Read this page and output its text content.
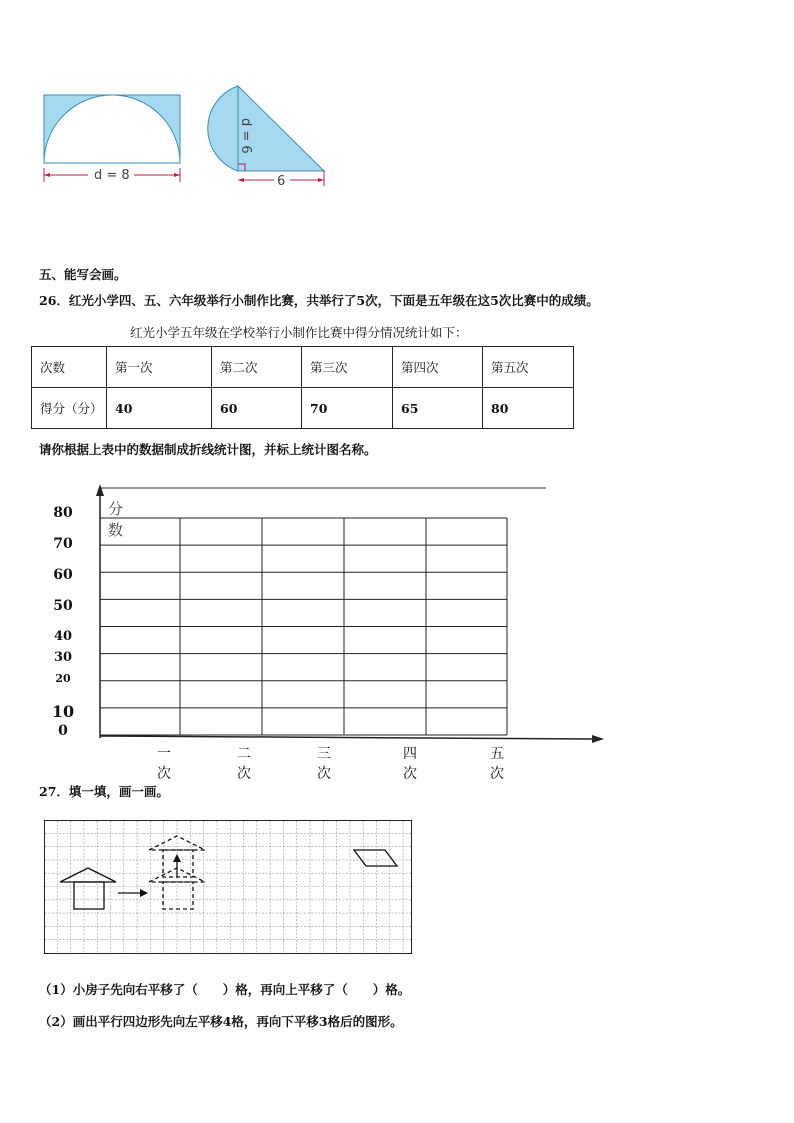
d = 8
d = 6
6
五、能写会画。
26．红光小学四、五、六年级举行小制作比赛，共举行了5次，下面是五年级在这5次比赛中的成绩。
红光小学五年级在学校举行小制作比赛中得分情况统计如下：
次数	第一次	第二次	第三次	第四次	第五次
得分（分）	40	60	70	65	80
请你根据上表中的数据制成折线统计图，并标上统计图名称。
分数
80
70
60
50
40
30
20
10
0
一次
二次
三次
四次
五次
27．填一填，画一画。
（1）小房子先向右平移了（　　）格，再向上平移了（　　）格。
（2）画出平行四边形先向左平移4格，再向下平移3格后的图形。
